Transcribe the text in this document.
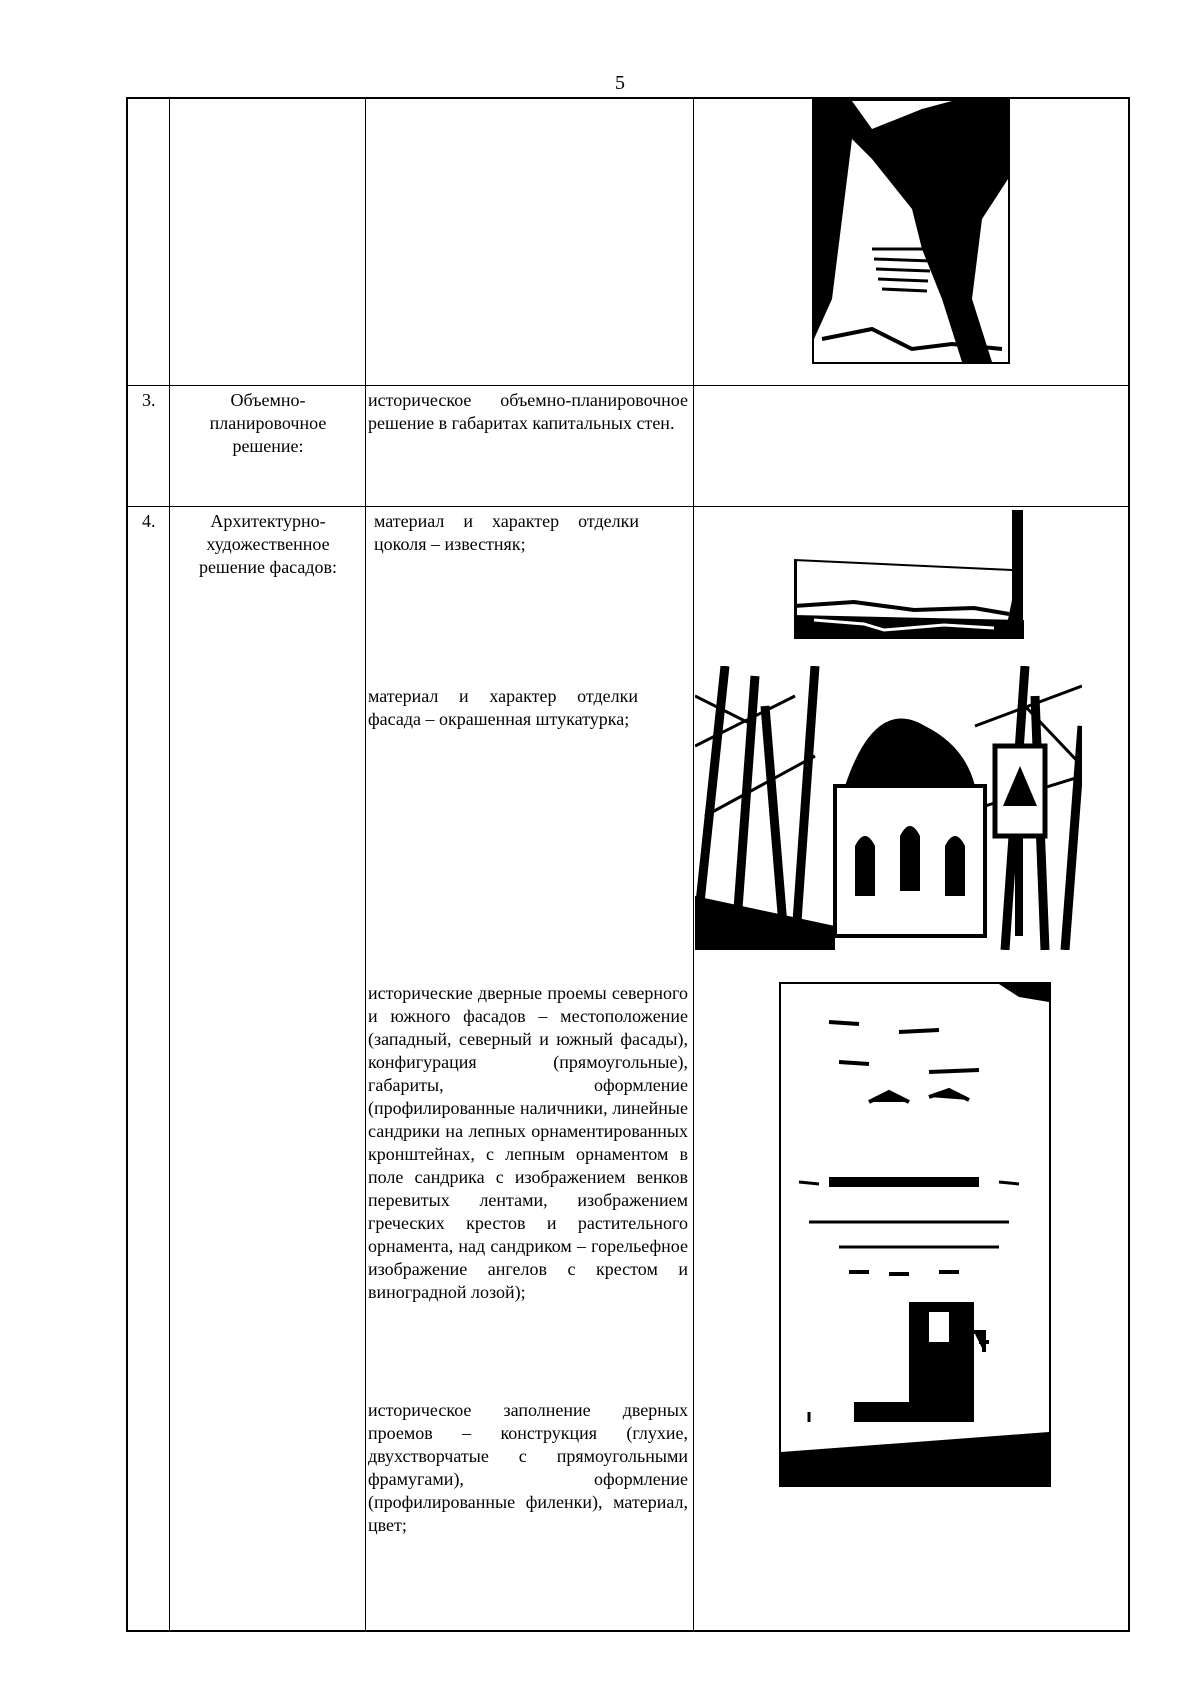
5
3.	Объемно-планировочное решение:
историческое объемно-планировочное решение в габаритах капитальных стен.
4.	Архитектурно-художественное решение фасадов:
материал и характер отделки цоколя – известняк;
материал и характер отделки фасада – окрашенная штукатурка;
исторические дверные проемы северного и южного фасадов – местоположение (западный, северный и южный фасады), конфигурация (прямоугольные), габариты, оформление (профилированные наличники, линейные сандрики на лепных орнаментированных кронштейнах, с лепным орнаментом в поле сандрика с изображением венков перевитых лентами, изображением греческих крестов и растительного орнамента, над сандриком – горельефное изображение ангелов с крестом и виноградной лозой);
историческое заполнение дверных проемов – конструкция (глухие, двухстворчатые с прямоугольными фрамугами), оформление (профилированные филенки), материал, цвет;
